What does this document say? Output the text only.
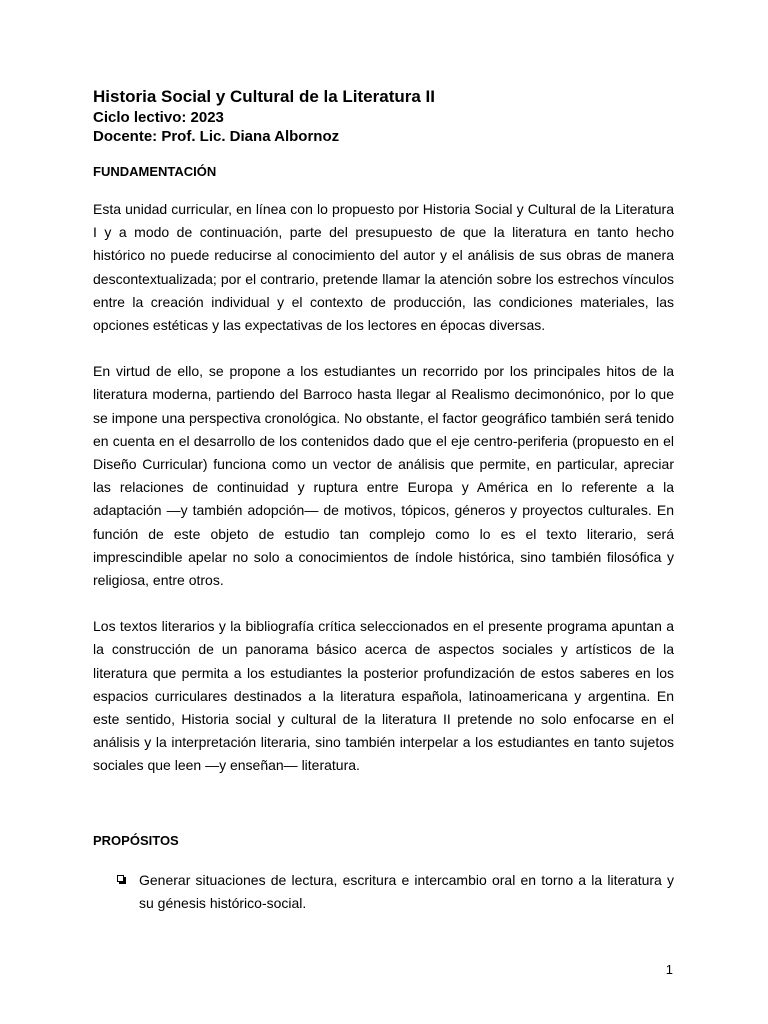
Historia Social y Cultural de la Literatura II

Ciclo lectivo: 2023

Docente: Prof. Lic. Diana Albornoz

FUNDAMENTACIÓN

Esta unidad curricular, en línea con lo propuesto por Historia Social y Cultural de la Literatura I y a modo de continuación, parte del presupuesto de que la literatura en tanto hecho histórico no puede reducirse al conocimiento del autor y el análisis de sus obras de manera descontextualizada; por el contrario, pretende llamar la atención sobre los estrechos vínculos entre la creación individual y el contexto de producción, las condiciones materiales, las opciones estéticas y las expectativas de los lectores en épocas diversas.

En virtud de ello, se propone a los estudiantes un recorrido por los principales hitos de la literatura moderna, partiendo del Barroco hasta llegar al Realismo decimonónico, por lo que se impone una perspectiva cronológica. No obstante, el factor geográfico también será tenido en cuenta en el desarrollo de los contenidos dado que el eje centro-periferia (propuesto en el Diseño Curricular) funciona como un vector de análisis que permite, en particular, apreciar las relaciones de continuidad y ruptura entre Europa y América en lo referente a la adaptación —y también adopción— de motivos, tópicos, géneros y proyectos culturales. En función de este objeto de estudio tan complejo como lo es el texto literario, será imprescindible apelar no solo a conocimientos de índole histórica, sino también filosófica y religiosa, entre otros.

Los textos literarios y la bibliografía crítica seleccionados en el presente programa apuntan a la construcción de un panorama básico acerca de aspectos sociales y artísticos de la literatura que permita a los estudiantes la posterior profundización de estos saberes en los espacios curriculares destinados a la literatura española, latinoamericana y argentina. En este sentido, Historia social y cultural de la literatura II pretende no solo enfocarse en el análisis y la interpretación literaria, sino también interpelar a los estudiantes en tanto sujetos sociales que leen —y enseñan— literatura.

PROPÓSITOS
Generar situaciones de lectura, escritura e intercambio oral en torno a la literatura y su génesis histórico-social.
1
